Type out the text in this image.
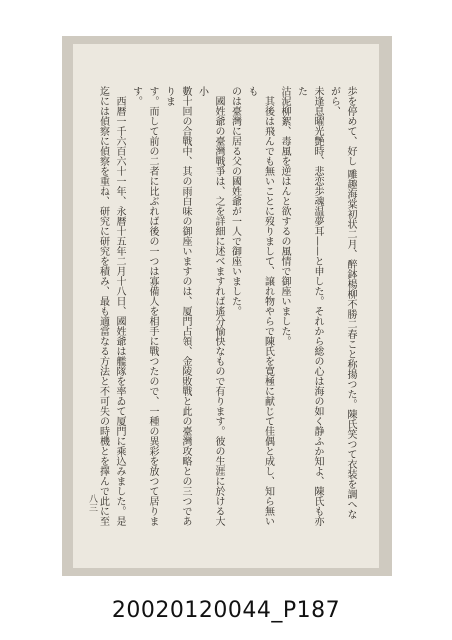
歩を停めて、好し 雕趣海棠初状二月、醉鉢楊柳不勝二春こと称揚つた。陳氏笑つて衣装を調へながら、

未逢息曜光艶時、悲恋歩魂温夢耳——と申した。それから総の心は海の如く静ふか知よ、陳氏も亦た

沽泥柳絮、毒風を逆はんと欲するの風情で御座いました。

其後は飛んでも無いことに歿りまして、譲れ物やらで陳氏を寛極に献じて佳偶と成し、知ら無いも

のは臺灣に居る父の國姓爺が一人で御座いました。

國姓爺の臺灣戰爭は、之を詳細に述べますれば遙分愉快なもので有ります。彼の生涯に於ける大小

數十回の合戰中、其の雨白味の御座いますのは、厦門占領、金陵敗戰と此の臺灣攻略との三つでありま

す。而して前の二者に比ぶれば後の一つは寡備人を相手に戰つたので、一種の異彩を放つて居ります。

西暦一千六百六十一年、永暦十五年二月十八日、國姓爺は艦隊を率ゐて厦門に乘込みました。是

迄には偵察に偵察を重ね、研究に研究を積み、最も適當なる方法と不可失の時機とを擇んで此に至

八三
20020120044_P187
